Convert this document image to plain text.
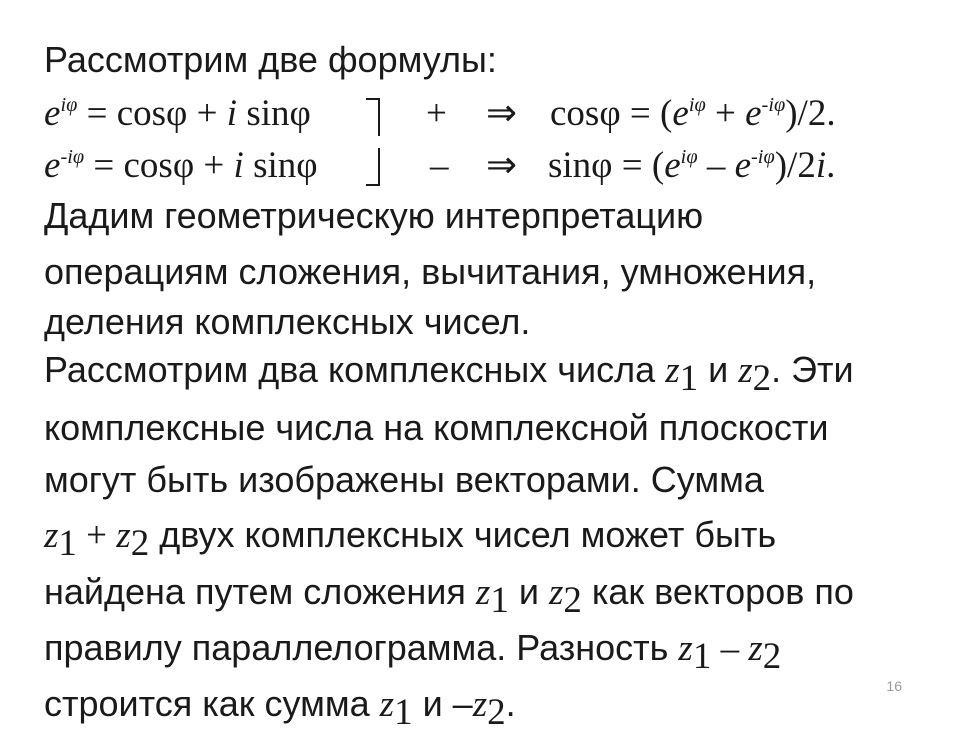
Рассмотрим две формулы:
$e^{i\varphi} = \cos\varphi + i$ sinφ	+ ⇒ $\cos\varphi = (e^{i\varphi} + e^{-i\varphi})/2$.
$e^{-i\varphi} = \cos\varphi + i$ sinφ	– ⇒ $\sin\varphi = (e^{i\varphi} - e^{-i\varphi})/2i$.
Дадим геометрическую интерпретацию
операциям сложения, вычитания, умножения,
деления комплексных чисел.
Рассмотрим два комплексных числа $z_1$ и $z_2$. Эти
комплексные числа на комплексной плоскости
могут быть изображены векторами. Сумма
$z_1 + z_2$ двух комплексных чисел может быть
найдена путем сложения $z_1$ и $z_2$ как векторов по
правилу параллелограмма. Разность $z_1 - z_2$
строится как сумма $z_1$ и $-z_2$.	16
